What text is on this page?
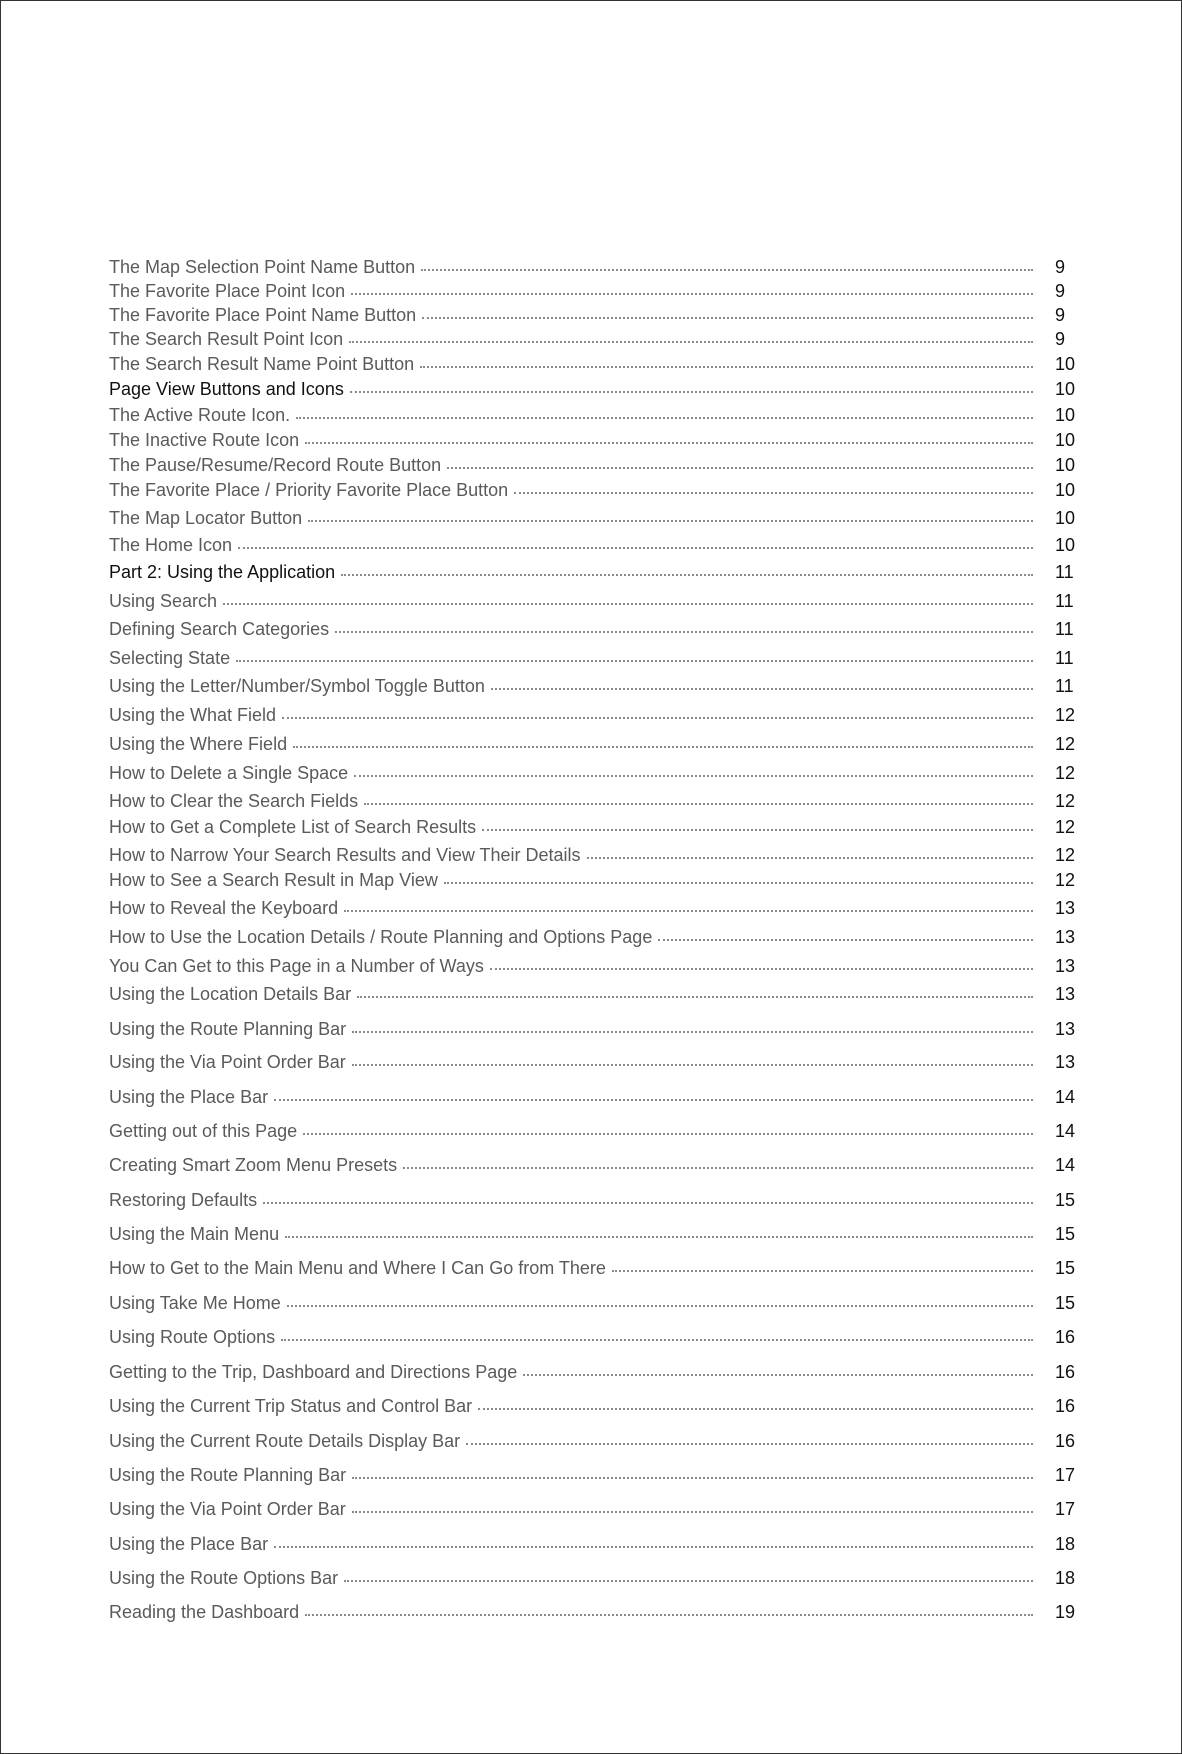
The Map Selection Point Name Button	9
The Favorite Place Point Icon	9
The Favorite Place Point Name Button	9
The Search Result Point Icon	9
The Search Result Name Point Button	10
Page View Buttons and Icons	10
The Active Route Icon.	10
The Inactive Route Icon	10
The Pause/Resume/Record Route Button	10
The Favorite Place / Priority Favorite Place Button	10
The Map Locator Button	10
The Home Icon	10
Part 2: Using the Application	11
Using Search	11
Defining Search Categories	11
Selecting State	11
Using the Letter/Number/Symbol Toggle Button	11
Using the What Field	12
Using the Where Field	12
How to Delete a Single Space	12
How to Clear the Search Fields	12
How to Get a Complete List of Search Results	12
How to Narrow Your Search Results and View Their Details	12
How to See a Search Result in Map View	12
How to Reveal the Keyboard	13
How to Use the Location Details / Route Planning and Options Page	13
You Can Get to this Page in a Number of Ways	13
Using the Location Details Bar	13
Using the Route Planning Bar	13
Using the Via Point Order Bar	13
Using the Place Bar	14
Getting out of this Page	14
Creating Smart Zoom Menu Presets	14
Restoring Defaults	15
Using the Main Menu	15
How to Get to the Main Menu and Where I Can Go from There	15
Using Take Me Home	15
Using Route Options	16
Getting to the Trip, Dashboard and Directions Page	16
Using the Current Trip Status and Control Bar	16
Using the Current Route Details Display Bar	16
Using the Route Planning Bar	17
Using the Via Point Order Bar	17
Using the Place Bar	18
Using the Route Options Bar	18
Reading the Dashboard	19
